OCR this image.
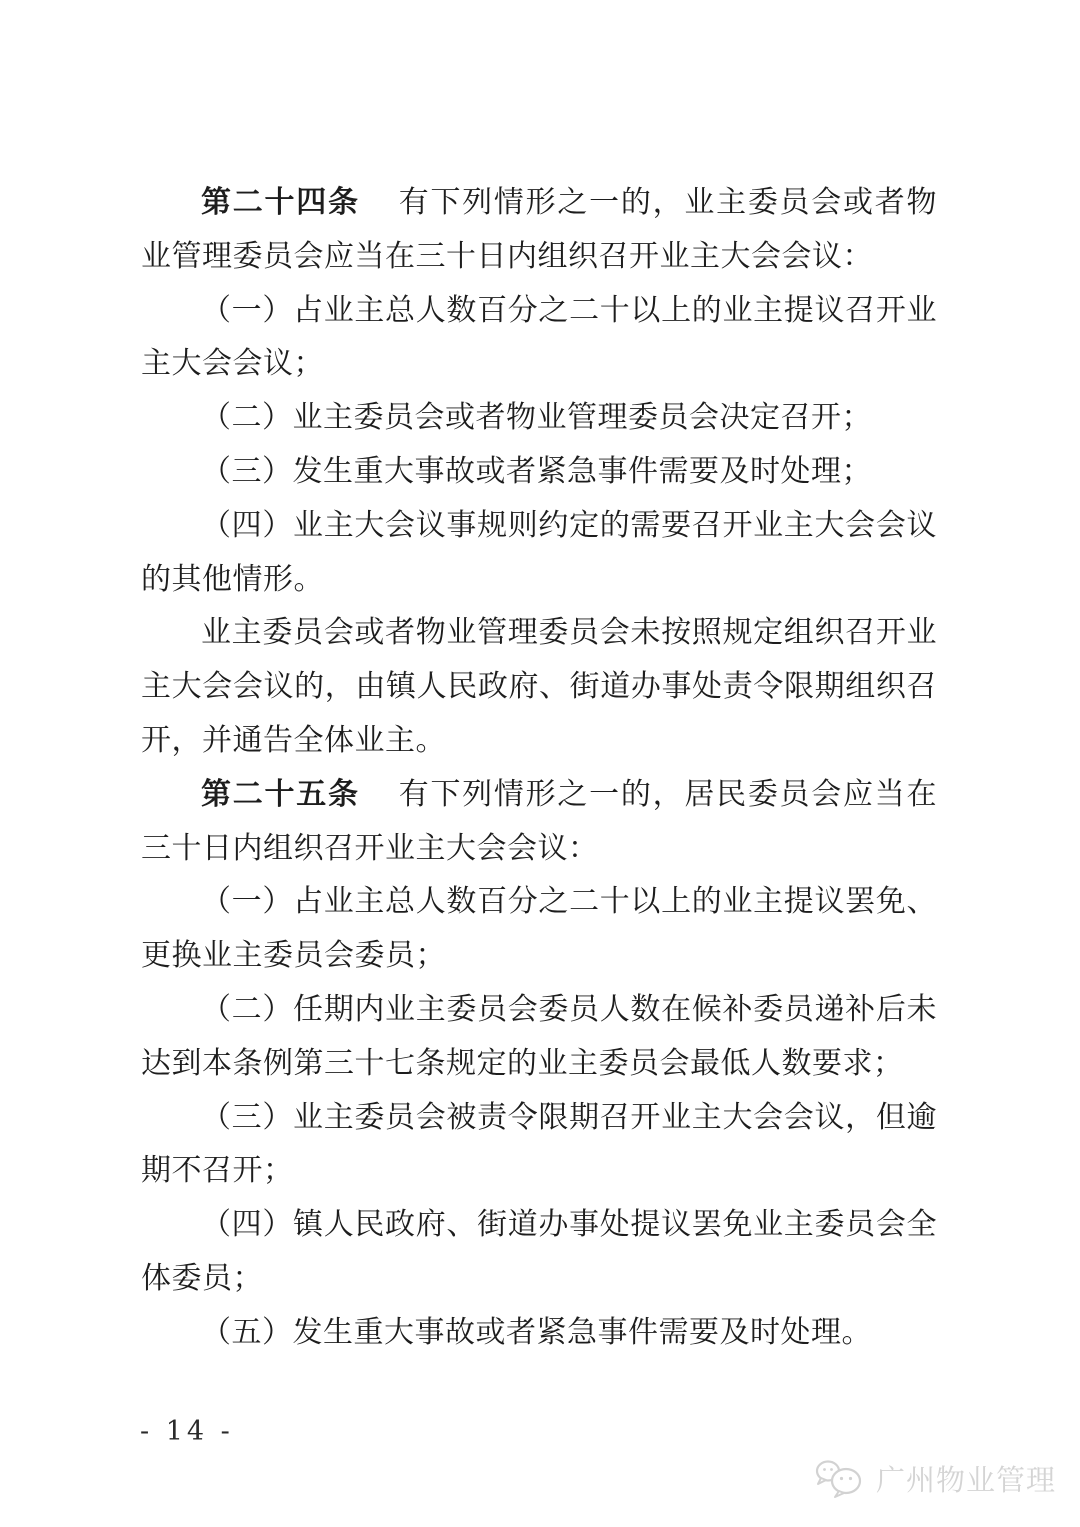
第二十四条 有下列情形之一的，业主委员会或者物业管理委员会应当在三十日内组织召开业主大会会议：

（一）占业主总人数百分之二十以上的业主提议召开业主大会会议；

（二）业主委员会或者物业管理委员会决定召开；

（三）发生重大事故或者紧急事件需要及时处理；

（四）业主大会议事规则约定的需要召开业主大会会议的其他情形。

业主委员会或者物业管理委员会未按照规定组织召开业主大会会议的，由镇人民政府、街道办事处责令限期组织召开，并通告全体业主。

第二十五条 有下列情形之一的，居民委员会应当在三十日内组织召开业主大会会议：

（一）占业主总人数百分之二十以上的业主提议罢免、更换业主委员会委员；

（二）任期内业主委员会委员人数在候补委员递补后未达到本条例第三十七条规定的业主委员会最低人数要求；

（三）业主委员会被责令限期召开业主大会会议，但逾期不召开；

（四）镇人民政府、街道办事处提议罢免业主委员会全体委员；

（五）发生重大事故或者紧急事件需要及时处理。

- 14 -
广州物业管理
